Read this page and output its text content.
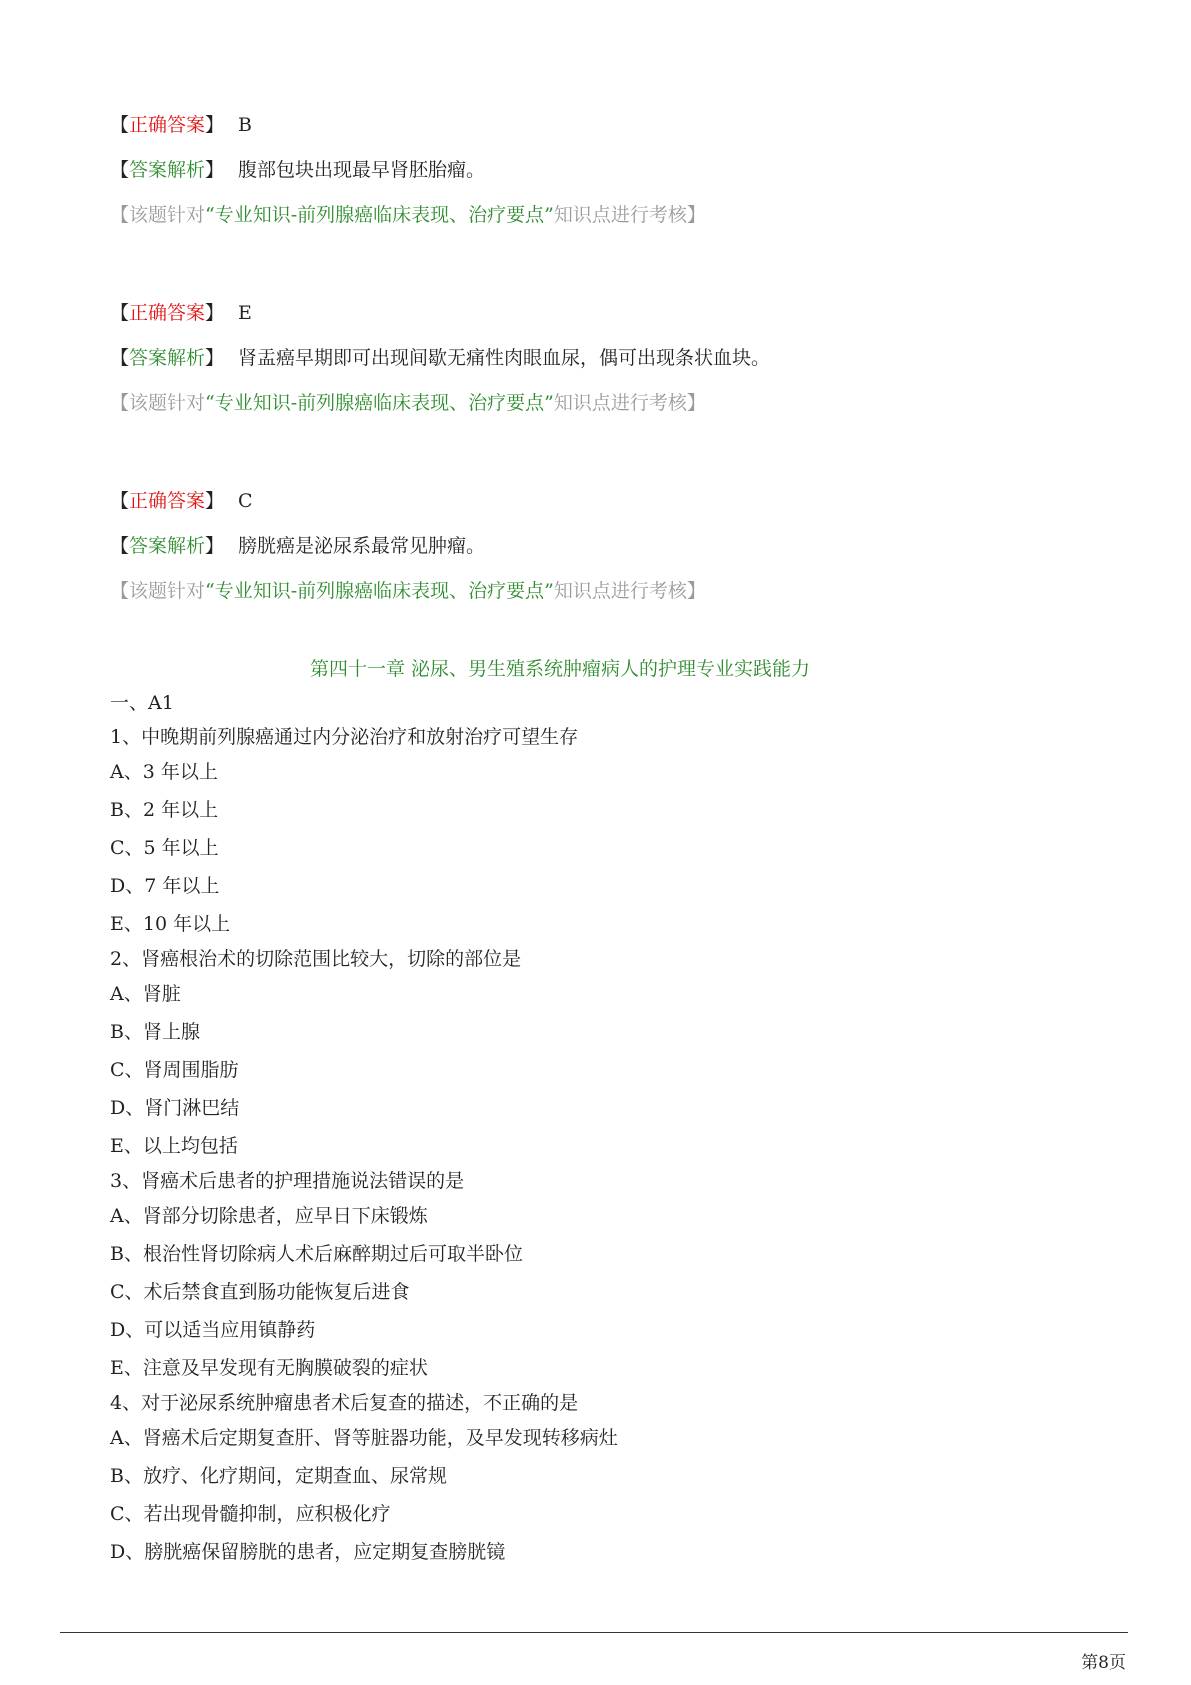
【正确答案】 B
【答案解析】 腹部包块出现最早肾胚胎瘤。
【该题针对“专业知识-前列腺癌临床表现、治疗要点”知识点进行考核】
【正确答案】 E
【答案解析】 肾盂癌早期即可出现间歇无痛性肉眼血尿，偶可出现条状血块。
【该题针对“专业知识-前列腺癌临床表现、治疗要点”知识点进行考核】
【正确答案】 C
【答案解析】 膀胱癌是泌尿系最常见肿瘤。
【该题针对“专业知识-前列腺癌临床表现、治疗要点”知识点进行考核】
第四十一章 泌尿、男生殖系统肿瘤病人的护理专业实践能力
一、A1
1、中晚期前列腺癌通过内分泌治疗和放射治疗可望生存
A、3 年以上
B、2 年以上
C、5 年以上
D、7 年以上
E、10 年以上
2、肾癌根治术的切除范围比较大，切除的部位是
A、肾脏
B、肾上腺
C、肾周围脂肪
D、肾门淋巴结
E、以上均包括
3、肾癌术后患者的护理措施说法错误的是
A、肾部分切除患者，应早日下床锻炼
B、根治性肾切除病人术后麻醉期过后可取半卧位
C、术后禁食直到肠功能恢复后进食
D、可以适当应用镇静药
E、注意及早发现有无胸膜破裂的症状
4、对于泌尿系统肿瘤患者术后复查的描述，不正确的是
A、肾癌术后定期复查肝、肾等脏器功能，及早发现转移病灶
B、放疗、化疗期间，定期查血、尿常规
C、若出现骨髓抑制，应积极化疗
D、膀胱癌保留膀胱的患者，应定期复查膀胱镜
第8页
